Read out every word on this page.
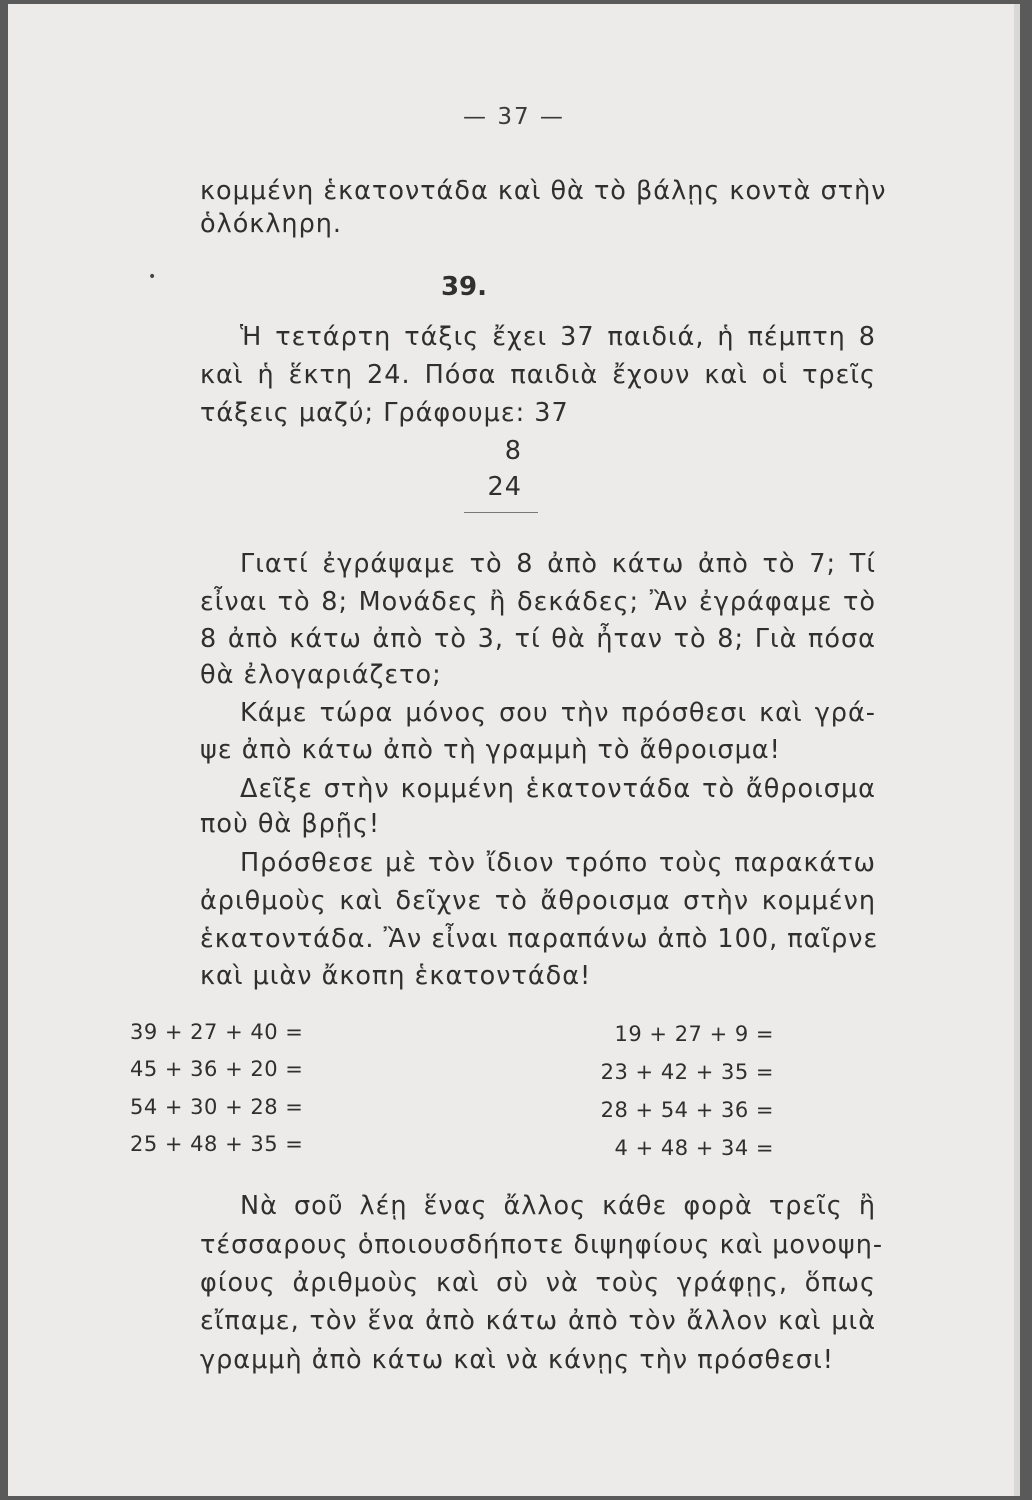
— 37 —
κομμένη ἑκατοντάδα καὶ θὰ τὸ βάλῃς κοντὰ στὴν
ὁλόκληρη.
•	39.
Ἡ τετάρτη τάξις ἔχει 37 παιδιά, ἡ πέμπτη 8
καὶ ἡ ἕκτη 24. Πόσα παιδιὰ ἔχουν καὶ οἱ τρεῖς
τάξεις μαζύ; Γράφουμε: 37
8
24
Γιατί ἐγράψαμε τὸ 8 ἀπὸ κάτω ἀπὸ τὸ 7; Τί
εἶναι τὸ 8; Μονάδες ἢ δεκάδες; Ἂν ἐγράφαμε τὸ
8 ἀπὸ κάτω ἀπὸ τὸ 3, τί θὰ ἦταν τὸ 8; Γιὰ πόσα
θὰ ἐλογαριάζετο;
Κάμε τώρα μόνος σου τὴν πρόσθεσι καὶ γρά-
ψε ἀπὸ κάτω ἀπὸ τὴ γραμμὴ τὸ ἄθροισμα!
Δεῖξε στὴν κομμένη ἑκατοντάδα τὸ ἄθροισμα
ποὺ θὰ βρῇς!
Πρόσθεσε μὲ τὸν ἴδιον τρόπο τοὺς παρακάτω
ἀριθμοὺς καὶ δεῖχνε τὸ ἄθροισμα στὴν κομμένη
ἑκατοντάδα. Ἂν εἶναι παραπάνω ἀπὸ 100, παῖρνε
καὶ μιὰν ἄκοπη ἑκατοντάδα!
39 + 27 + 40 =
45 + 36 + 20 =
54 + 30 + 28 =
25 + 48 + 35 =
19 + 27 + 9 =
23 + 42 + 35 =
28 + 54 + 36 =
4 + 48 + 34 =
Νὰ σοῦ λέῃ ἕνας ἄλλος κάθε φορὰ τρεῖς ἢ
τέσσαρους ὁποιουσδήποτε διψηφίους καὶ μονοψη-
φίους ἀριθμοὺς καὶ σὺ νὰ τοὺς γράφῃς, ὅπως
εἴπαμε, τὸν ἕνα ἀπὸ κάτω ἀπὸ τὸν ἄλλον καὶ μιὰ
γραμμὴ ἀπὸ κάτω καὶ νὰ κάνῃς τὴν πρόσθεσι!
